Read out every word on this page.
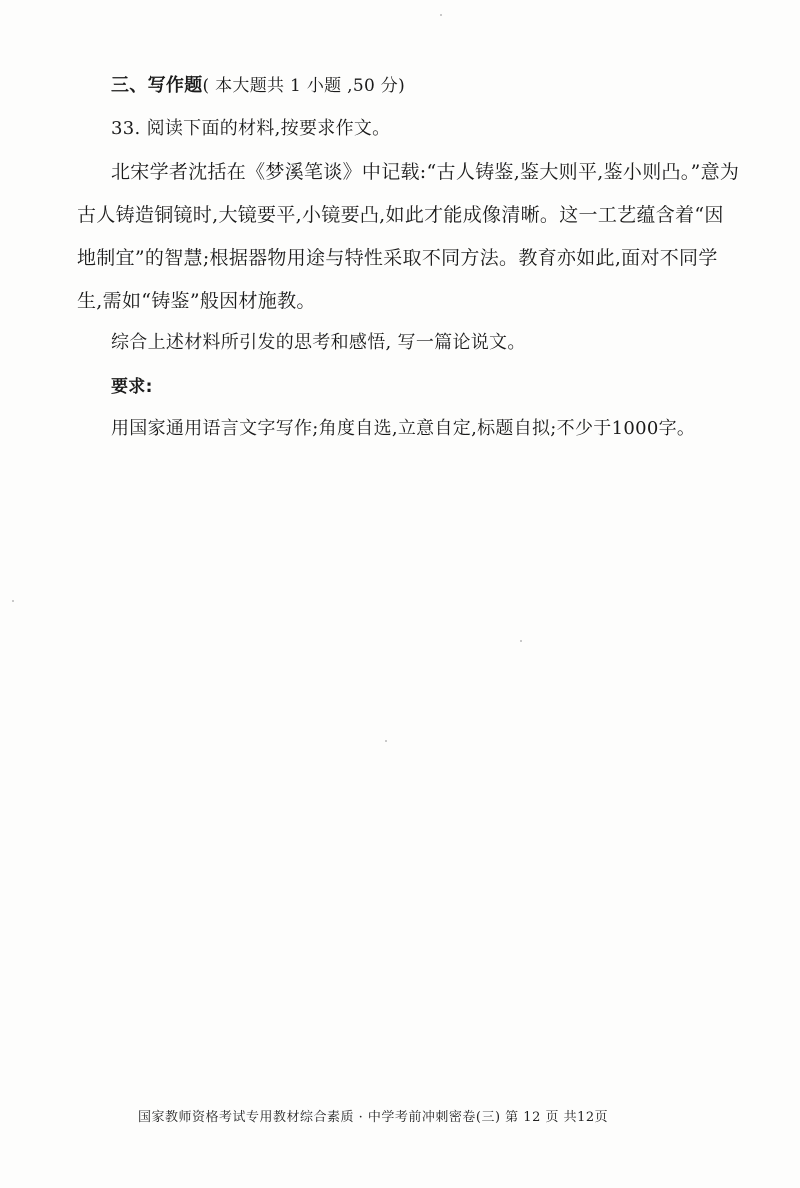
三、写作题( 本大题共 1 小题 ,50 分)
33. 阅读下面的材料,按要求作文。
北宋学者沈括在《梦溪笔谈》中记载:“古人铸鉴,鉴大则平,鉴小则凸。”意为
古人铸造铜镜时,大镜要平,小镜要凸,如此才能成像清晰。这一工艺蕴含着“因
地制宜”的智慧;根据器物用途与特性采取不同方法。教育亦如此,面对不同学
生,需如“铸鉴”般因材施教。
综合上述材料所引发的思考和感悟, 写一篇论说文。
要求:
用国家通用语言文字写作;角度自选,立意自定,标题自拟;不少于1000字。
国家教师资格考试专用教材综合素质 · 中学考前冲刺密卷(三) 第 12 页 共12页
